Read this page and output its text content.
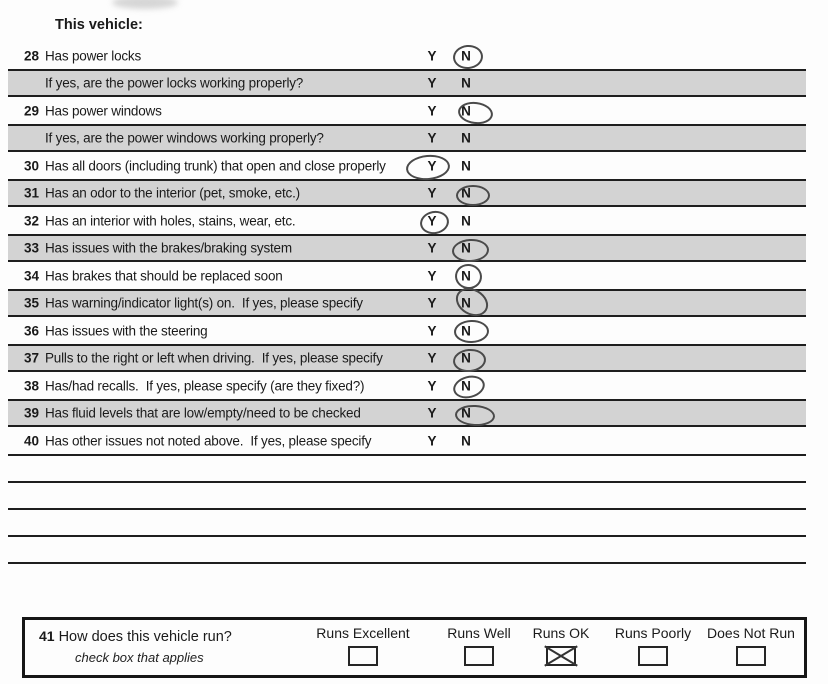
This vehicle:
28 Has power locks	Y	N
If yes, are the power locks working properly?	Y	N
29 Has power windows	Y	N
If yes, are the power windows working properly?	Y	N
30 Has all doors (including trunk) that open and close properly	Y	N
31 Has an odor to the interior (pet, smoke, etc.)	Y	N
32 Has an interior with holes, stains, wear, etc.	Y	N
33 Has issues with the brakes/braking system	Y	N
34 Has brakes that should be replaced soon	Y	N
35 Has warning/indicator light(s) on.  If yes, please specify	Y	N
36 Has issues with the steering	Y	N
37 Pulls to the right or left when driving.  If yes, please specify	Y	N
38 Has/had recalls.  If yes, please specify (are they fixed?)	Y	N
39 Has fluid levels that are low/empty/need to be checked	Y	N
40 Has other issues not noted above.  If yes, please specify	Y	N
41 How does this vehicle run?
check box that applies
Runs Excellent	Runs Well	Runs OK	Runs Poorly	Does Not Run
